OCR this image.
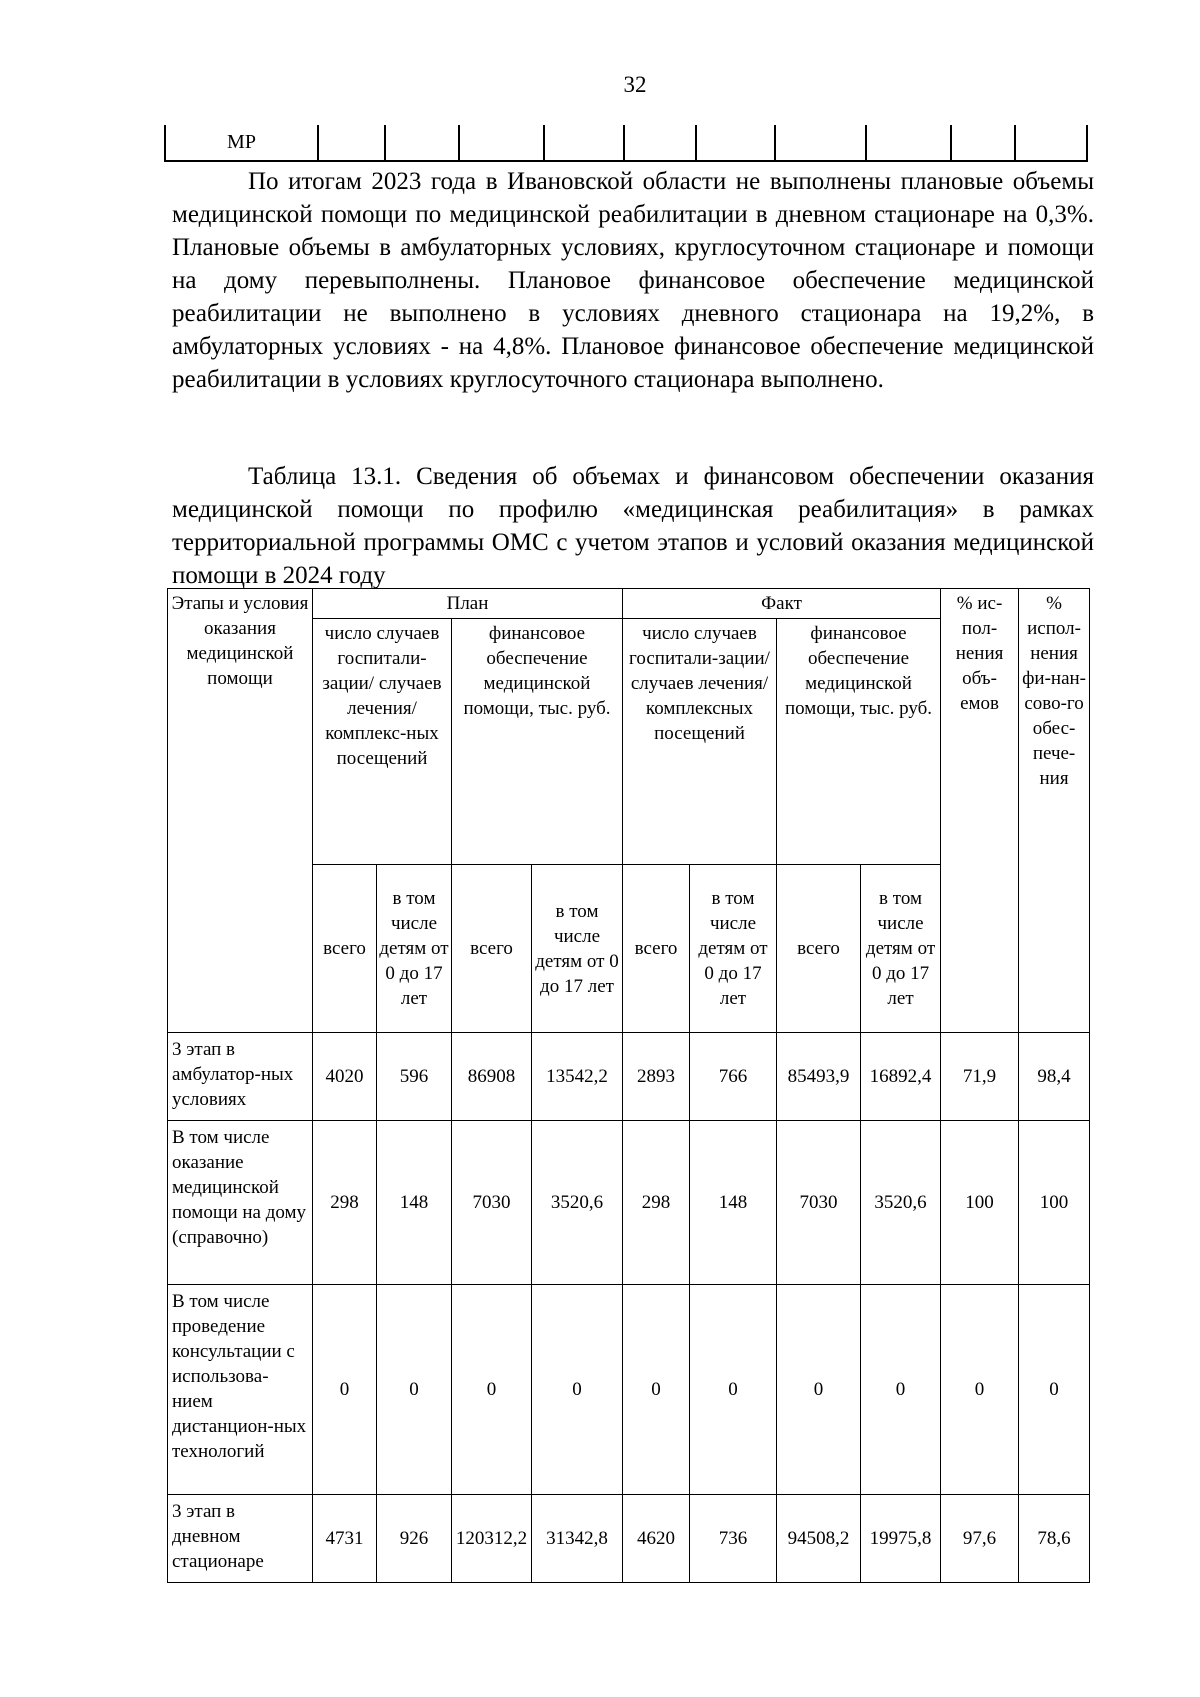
32
МР										

По итогам 2023 года в Ивановской области не выполнены плановые объемы медицинской помощи по медицинской реабилитации в дневном стационаре на 0,3%. Плановые объемы в амбулаторных условиях, круглосуточном стационаре и помощи на дому перевыполнены. Плановое финансовое обеспечение медицинской реабилитации не выполнено в условиях дневного стационара на 19,2%, в амбулаторных условиях - на 4,8%. Плановое финансовое обеспечение медицинской реабилитации в условиях круглосуточного стационара выполнено.

Таблица 13.1. Сведения об объемах и финансовом обеспечении оказания медицинской помощи по профилю «медицинская реабилитация» в рамках территориальной программы ОМС с учетом этапов и условий оказания медицинской помощи в 2024 году

Этапы и условия оказания медицинской помощи	План				Факт				% ис-пол-нения объ-емов	% испол-нения фи-нан-сово-го обес-пече-ния
	число случаев госпитали-зации/ случаев лечения/ комплекс-ных посещений		финансовое обеспечение медицинской помощи, тыс. руб.		число случаев госпитали-зации/ случаев лечения/ комплексных посещений		финансовое обеспечение медицинской помощи, тыс. руб.			
	всего	в том числе детям от 0 до 17 лет	всего	в том числе детям от 0 до 17 лет	всего	в том числе детям от 0 до 17 лет	всего	в том числе детям от 0 до 17 лет		
3 этап в амбулатор-ных условиях	4020	596	86908	13542,2	2893	766	85493,9	16892,4	71,9	98,4
В том числе оказание медицинской помощи на дому (справочно)	298	148	7030	3520,6	298	148	7030	3520,6	100	100
В том числе проведение консультации с использова-нием дистанцион-ных технологий	0	0	0	0	0	0	0	0	0	0
3 этап в дневном стационаре	4731	926	120312,2	31342,8	4620	736	94508,2	19975,8	97,6	78,6
